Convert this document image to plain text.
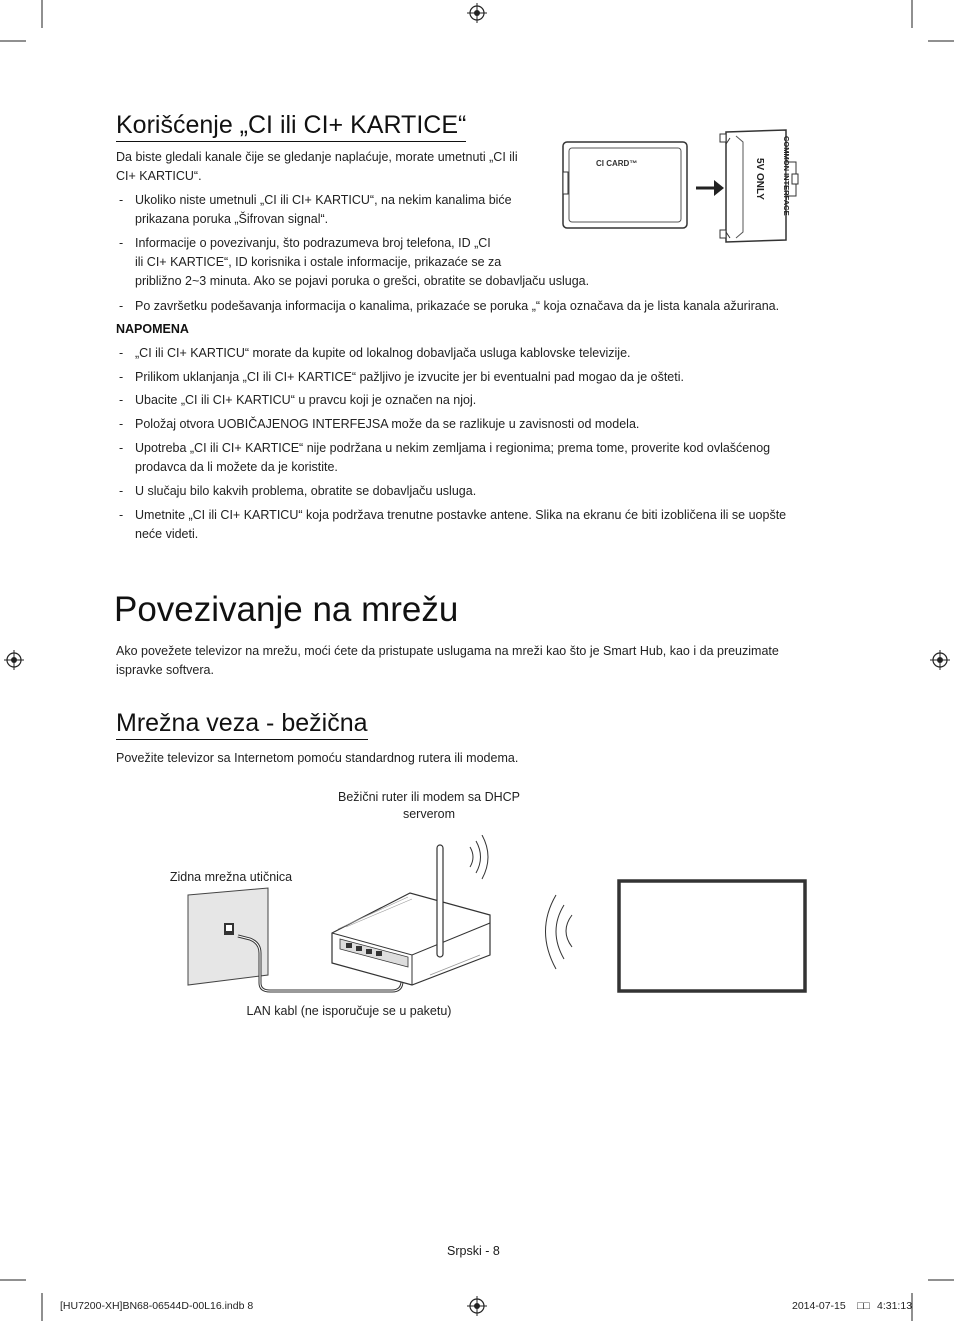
Korišćenje „CI ili CI+ KARTICE“
Da biste gledali kanale čije se gledanje naplaćuje, morate umetnuti „CI ili
CI+ KARTICU“.
- Ukoliko niste umetnuli „CI ili CI+ KARTICU“, na nekim kanalima biće
prikazana poruka „Šifrovan signal“.
- Informacije o povezivanju, što podrazumeva broj telefona, ID „CI
ili CI+ KARTICE“, ID korisnika i ostale informacije, prikazaće se za
približno 2~3 minuta. Ako se pojavi poruka o grešci, obratite se dobavljaču usluga.
- Po završetku podešavanja informacija o kanalima, prikazaće se poruka „“ koja označava da je lista kanala ažurirana.
NAPOMENA
- „CI ili CI+ KARTICU“ morate da kupite od lokalnog dobavljača usluga kablovske televizije.
- Prilikom uklanjanja „CI ili CI+ KARTICE“ pažljivo je izvucite jer bi eventualni pad mogao da je ošteti.
- Ubacite „CI ili CI+ KARTICU“ u pravcu koji je označen na njoj.
- Položaj otvora UOBIČAJENOG INTERFEJSA može da se razlikuje u zavisnosti od modela.
- Upotreba „CI ili CI+ KARTICE“ nije podržana u nekim zemljama i regionima; prema tome, proverite kod ovlašćenog
prodavca da li možete da je koristite.
- U slučaju bilo kakvih problema, obratite se dobavljaču usluga.
- Umetnite „CI ili CI+ KARTICU“ koja podržava trenutne postavke antene. Slika na ekranu će biti izobličena ili se uopšte
neće videti.
CI CARD™	COMMON INTERFACE
5V ONLY
Povezivanje na mrežu
Ako povežete televizor na mrežu, moći ćete da pristupate uslugama na mreži kao što je Smart Hub, kao i da preuzimate
ispravke softvera.
Mrežna veza - bežična
Povežite televizor sa Internetom pomoću standardnog rutera ili modema.
Bežični ruter ili modem sa DHCP
serverom
Zidna mrežna utičnica
LAN kabl (ne isporučuje se u paketu)
Srpski - 8
[HU7200-XH]BN68-06544D-00L16.indb 8	2014-07-15 □□ 4:31:13
